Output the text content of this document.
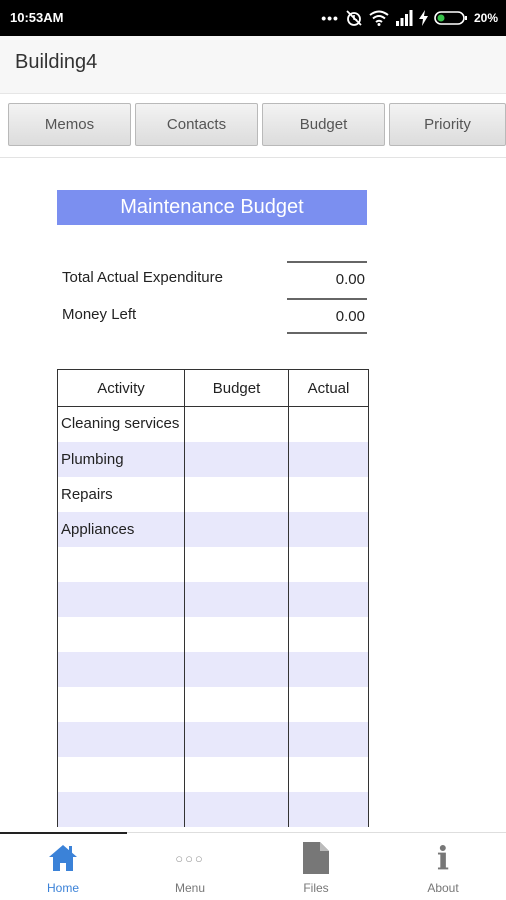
10:53AM	•••	20%
Building4
Memos	Contacts	Budget	Priority
Maintenance Budget
Total Actual Expenditure	0.00
Money Left	0.00
Activity	Budget	Actual
Cleaning services		
Plumbing		
Repairs		
Appliances		

Home
○○○
Menu	Files
i
About
